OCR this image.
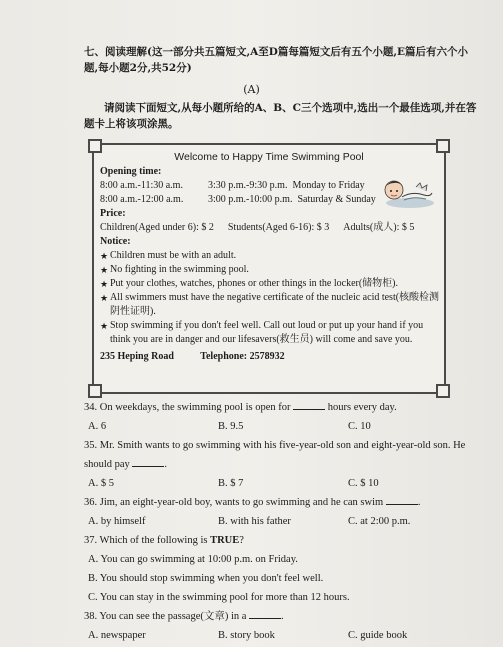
七、阅读理解(这一部分共五篇短文,A至D篇每篇短文后有五个小题,E篇后有六个小题,每小题2分,共52分)
(A)
请阅读下面短文,从每小题所给的A、B、C三个选项中,选出一个最佳选项,并在答题卡上将该项涂黑。
Welcome to Happy Time Swimming Pool
Opening time:
8:00 a.m.-11:30 a.m.	3:30 p.m.-9:30 p.m.
Monday to Friday
8:00 a.m.-12:00 a.m.	3:00 p.m.-10:00 p.m.
Saturday & Sunday
Price:
Children(Aged under 6): $ 2 Students(Aged 6-16): $ 3 Adults(成人): $ 5
Notice:
★ Children must be with an adult.
★ No fighting in the swimming pool.
★ Put your clothes, watches, phones or other things in the locker(储物柜).
★ All swimmers must have the negative certificate of the nucleic acid test(核酸检测阴性证明).
★ Stop swimming if you don't feel well. Call out loud or put up your hand if you think you are in danger and our lifesavers(救生员) will come and save you.
235 Heping Road	Telephone: 2578932
34. On weekdays, the swimming pool is open for	hours every day.
A. 6	B. 9.5	C. 10
35. Mr. Smith wants to go swimming with his five-year-old son and eight-year-old son. He should pay	.
A. $ 5	B. $ 7	C. $ 10
36. Jim, an eight-year-old boy, wants to go swimming and he can swim	.
A. by himself	B. with his father	C. at 2:00 p.m.
37. Which of the following is TRUE?
A. You can go swimming at 10:00 p.m. on Friday.
B. You should stop swimming when you don't feel well.
C. You can stay in the swimming pool for more than 12 hours.
38. You can see the passage(文章) in a	.
A. newspaper	B. story book	C. guide book
